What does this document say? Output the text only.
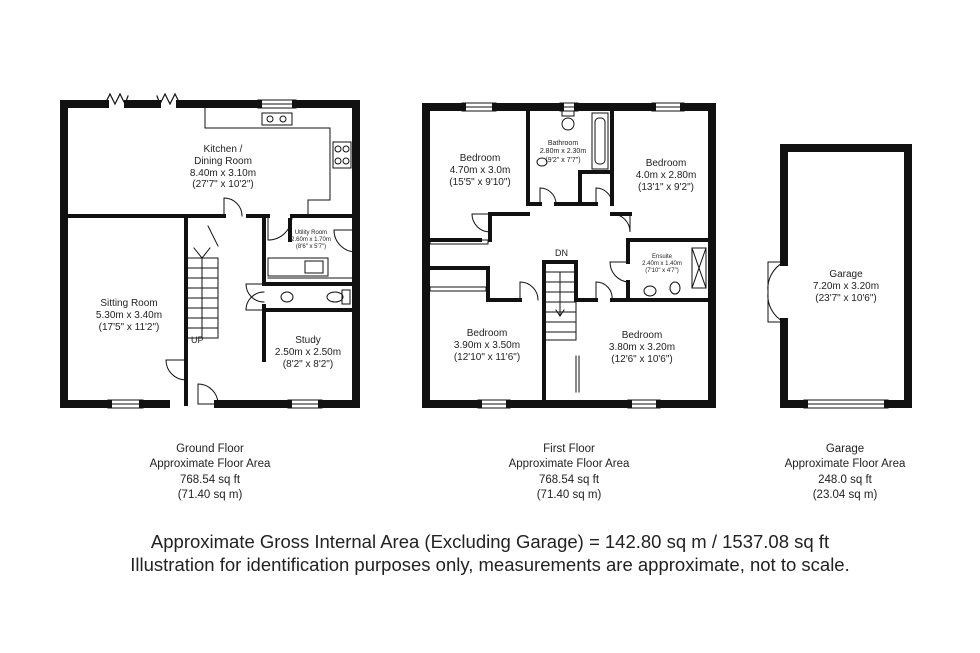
Kitchen /
Dining Room
8.40m x 3.10m
(27'7" x 10'2")
Utility Room
2.60m x 1.70m
(8'6" x 5'7")
Sitting Room
5.30m x 3.40m
(17'5" x 11'2")
Study
2.50m x 2.50m
(8'2" x 8'2")
UP
Bedroom
4.70m x 3.0m
(15'5" x 9'10")
Bathroom
2.80m x 2.30m
(9'2" x 7'7")	Bedroom
4.0m x 2.80m
(13'1" x 9'2")
Ensuite
2.40m x 1.40m
(7'10" x 4'7")
Bedroom
3.90m x 3.50m
(12'10" x 11'6")
Bedroom
3.80m x 3.20m
(12'6" x 10'6")
DN
Garage
7.20m x 3.20m
(23'7" x 10'6")
Ground Floor
Approximate Floor Area
768.54 sq ft
(71.40 sq m)
First Floor
Approximate Floor Area
768.54 sq ft
(71.40 sq m)
Garage
Approximate Floor Area
248.0 sq ft
(23.04 sq m)
Approximate Gross Internal Area (Excluding Garage) = 142.80 sq m / 1537.08 sq ft
Illustration for identification purposes only, measurements are approximate, not to scale.
